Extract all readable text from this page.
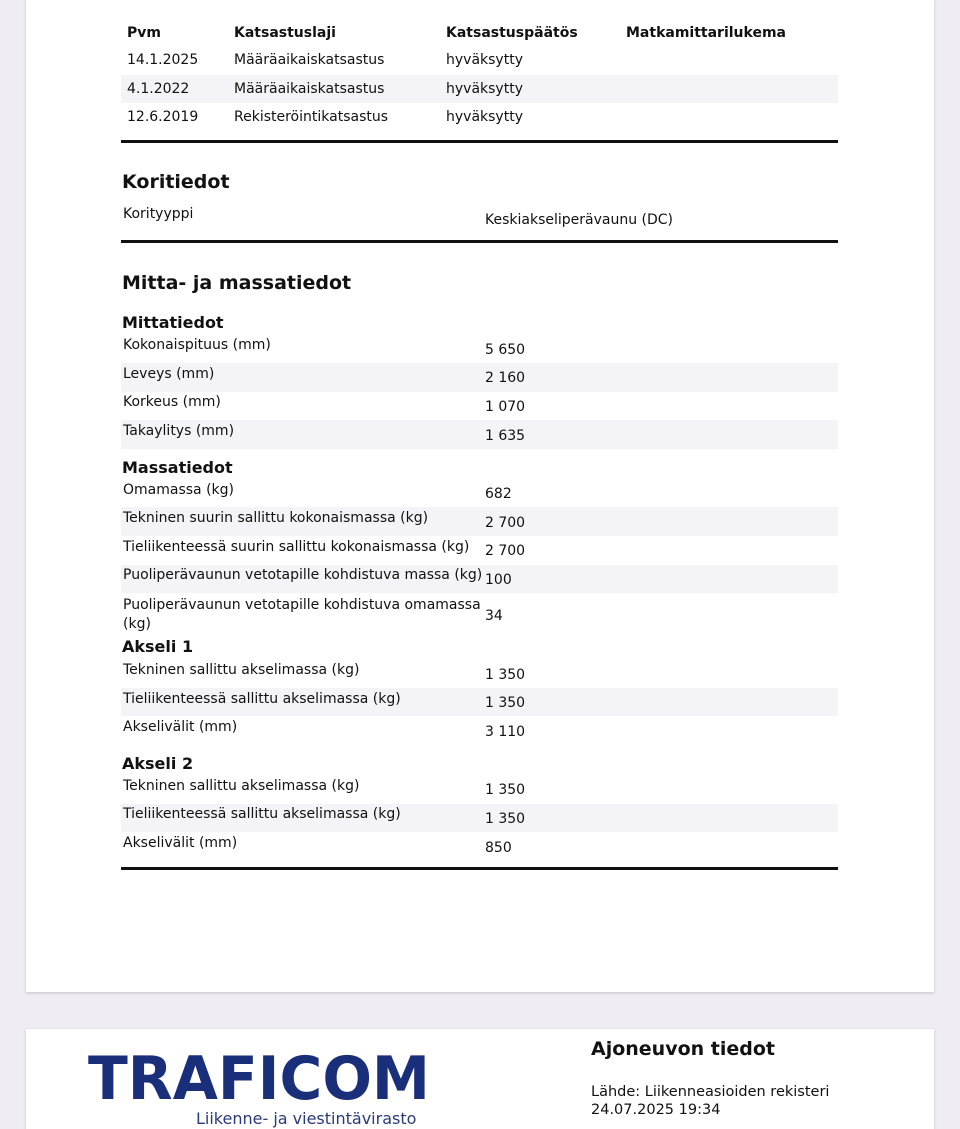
Pvm	Katsastuslaji	Katsastuspäätös	Matkamittarilukema
14.1.2025	Määräaikaiskatsastus	hyväksytty	
4.1.2022	Määräaikaiskatsastus	hyväksytty	
12.6.2019	Rekisteröintikatsastus	hyväksytty	
Koritiedot
Korityyppi	Keskiakseliperävaunu (DC)
Mitta- ja massatiedot
Mittatiedot
Kokonaispituus (mm)	5 650
Leveys (mm)	2 160
Korkeus (mm)	1 070
Takaylitys (mm)	1 635
Massatiedot
Omamassa (kg)	682
Tekninen suurin sallittu kokonaismassa (kg)	2 700
Tieliikenteessä suurin sallittu kokonaismassa (kg)	2 700
Puoliperävaunun vetotapille kohdistuva massa (kg) 100
Puoliperävaunun vetotapille kohdistuva omamassa (kg)	34
Akseli 1
Tekninen sallittu akselimassa (kg)	1 350
Tieliikenteessä sallittu akselimassa (kg)	1 350
Akselivälit (mm)	3 110
Akseli 2
Tekninen sallittu akselimassa (kg)	1 350
Tieliikenteessä sallittu akselimassa (kg)	1 350
Akselivälit (mm)	850
TRAFICOM
Liikenne- ja viestintävirasto
Ajoneuvon tiedot
Lähde: Liikenneasioiden rekisteri
24.07.2025 19:34
